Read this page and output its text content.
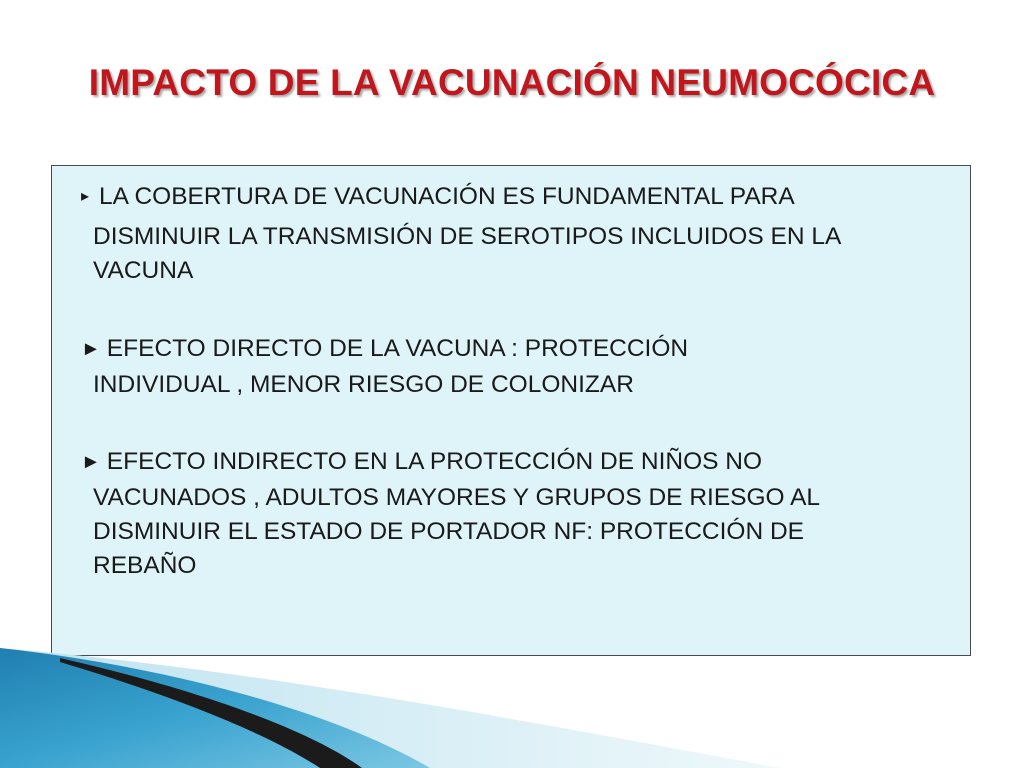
IMPACTO DE LA VACUNACIÓN NEUMOCÓCICA
▸ LA COBERTURA DE VACUNACIÓN ES FUNDAMENTAL PARA
DISMINUIR LA TRANSMISIÓN DE SEROTIPOS INCLUIDOS EN LA
VACUNA
► EFECTO DIRECTO DE LA VACUNA : PROTECCIÓN
INDIVIDUAL , MENOR RIESGO DE COLONIZAR
► EFECTO INDIRECTO EN LA PROTECCIÓN DE NIÑOS NO
VACUNADOS , ADULTOS MAYORES Y GRUPOS DE RIESGO AL
DISMINUIR EL ESTADO DE PORTADOR NF: PROTECCIÓN DE
REBAÑO
